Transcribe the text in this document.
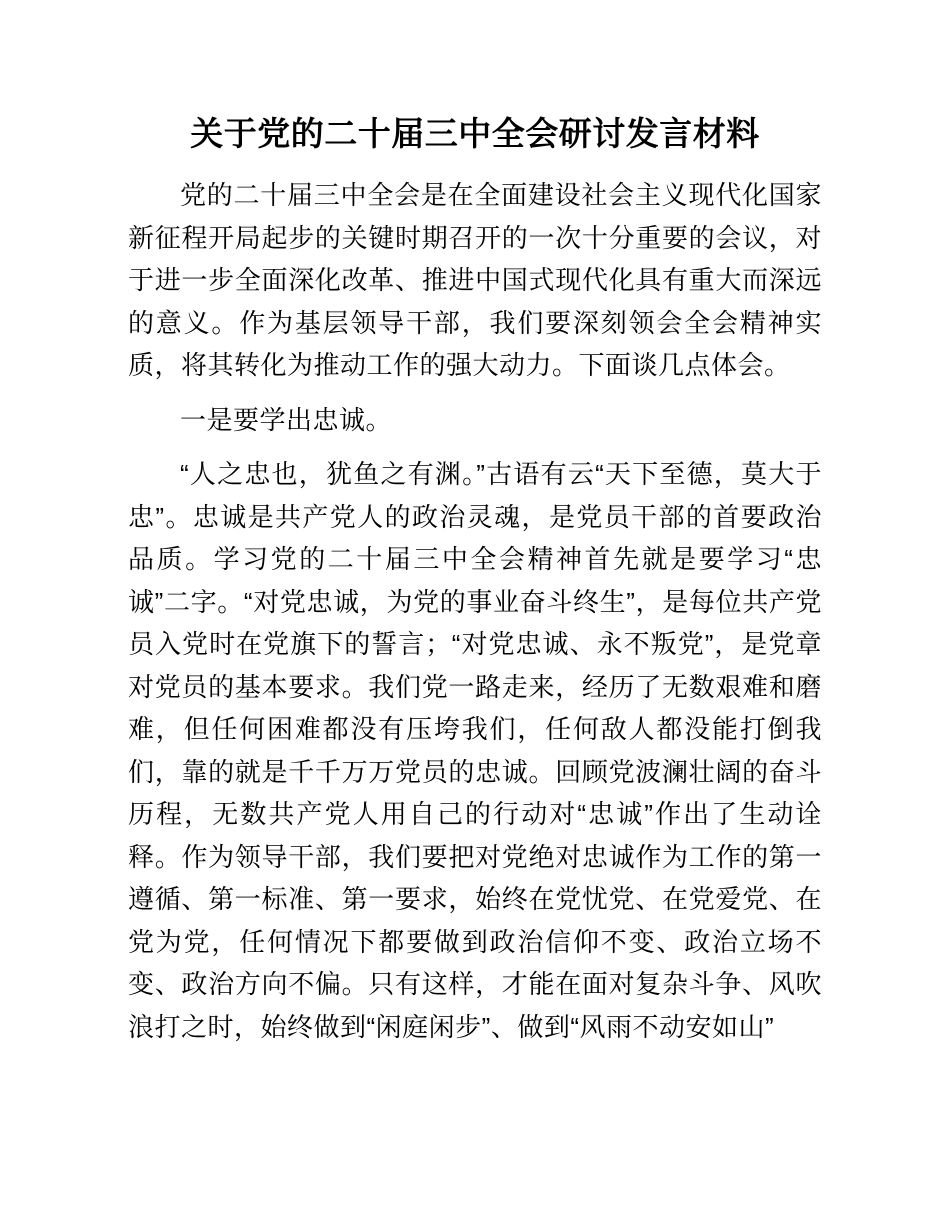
关于党的二十届三中全会研讨发言材料

党的二十届三中全会是在全面建设社会主义现代化国家新征程开局起步的关键时期召开的一次十分重要的会议，对于进一步全面深化改革、推进中国式现代化具有重大而深远的意义。作为基层领导干部，我们要深刻领会全会精神实质，将其转化为推动工作的强大动力。下面谈几点体会。

一是要学出忠诚。

“人之忠也，犹鱼之有渊。”古语有云“天下至德，莫大于忠”。忠诚是共产党人的政治灵魂，是党员干部的首要政治品质。学习党的二十届三中全会精神首先就是要学习“忠诚”二字。“对党忠诚，为党的事业奋斗终生”，是每位共产党员入党时在党旗下的誓言；“对党忠诚、永不叛党”，是党章对党员的基本要求。我们党一路走来，经历了无数艰难和磨难，但任何困难都没有压垮我们，任何敌人都没能打倒我们，靠的就是千千万万党员的忠诚。回顾党波澜壮阔的奋斗历程，无数共产党人用自己的行动对“忠诚”作出了生动诠释。作为领导干部，我们要把对党绝对忠诚作为工作的第一遵循、第一标准、第一要求，始终在党忧党、在党爱党、在党为党，任何情况下都要做到政治信仰不变、政治立场不变、政治方向不偏。只有这样，才能在面对复杂斗争、风吹浪打之时，始终做到“闲庭闲步”、做到“风雨不动安如山”
